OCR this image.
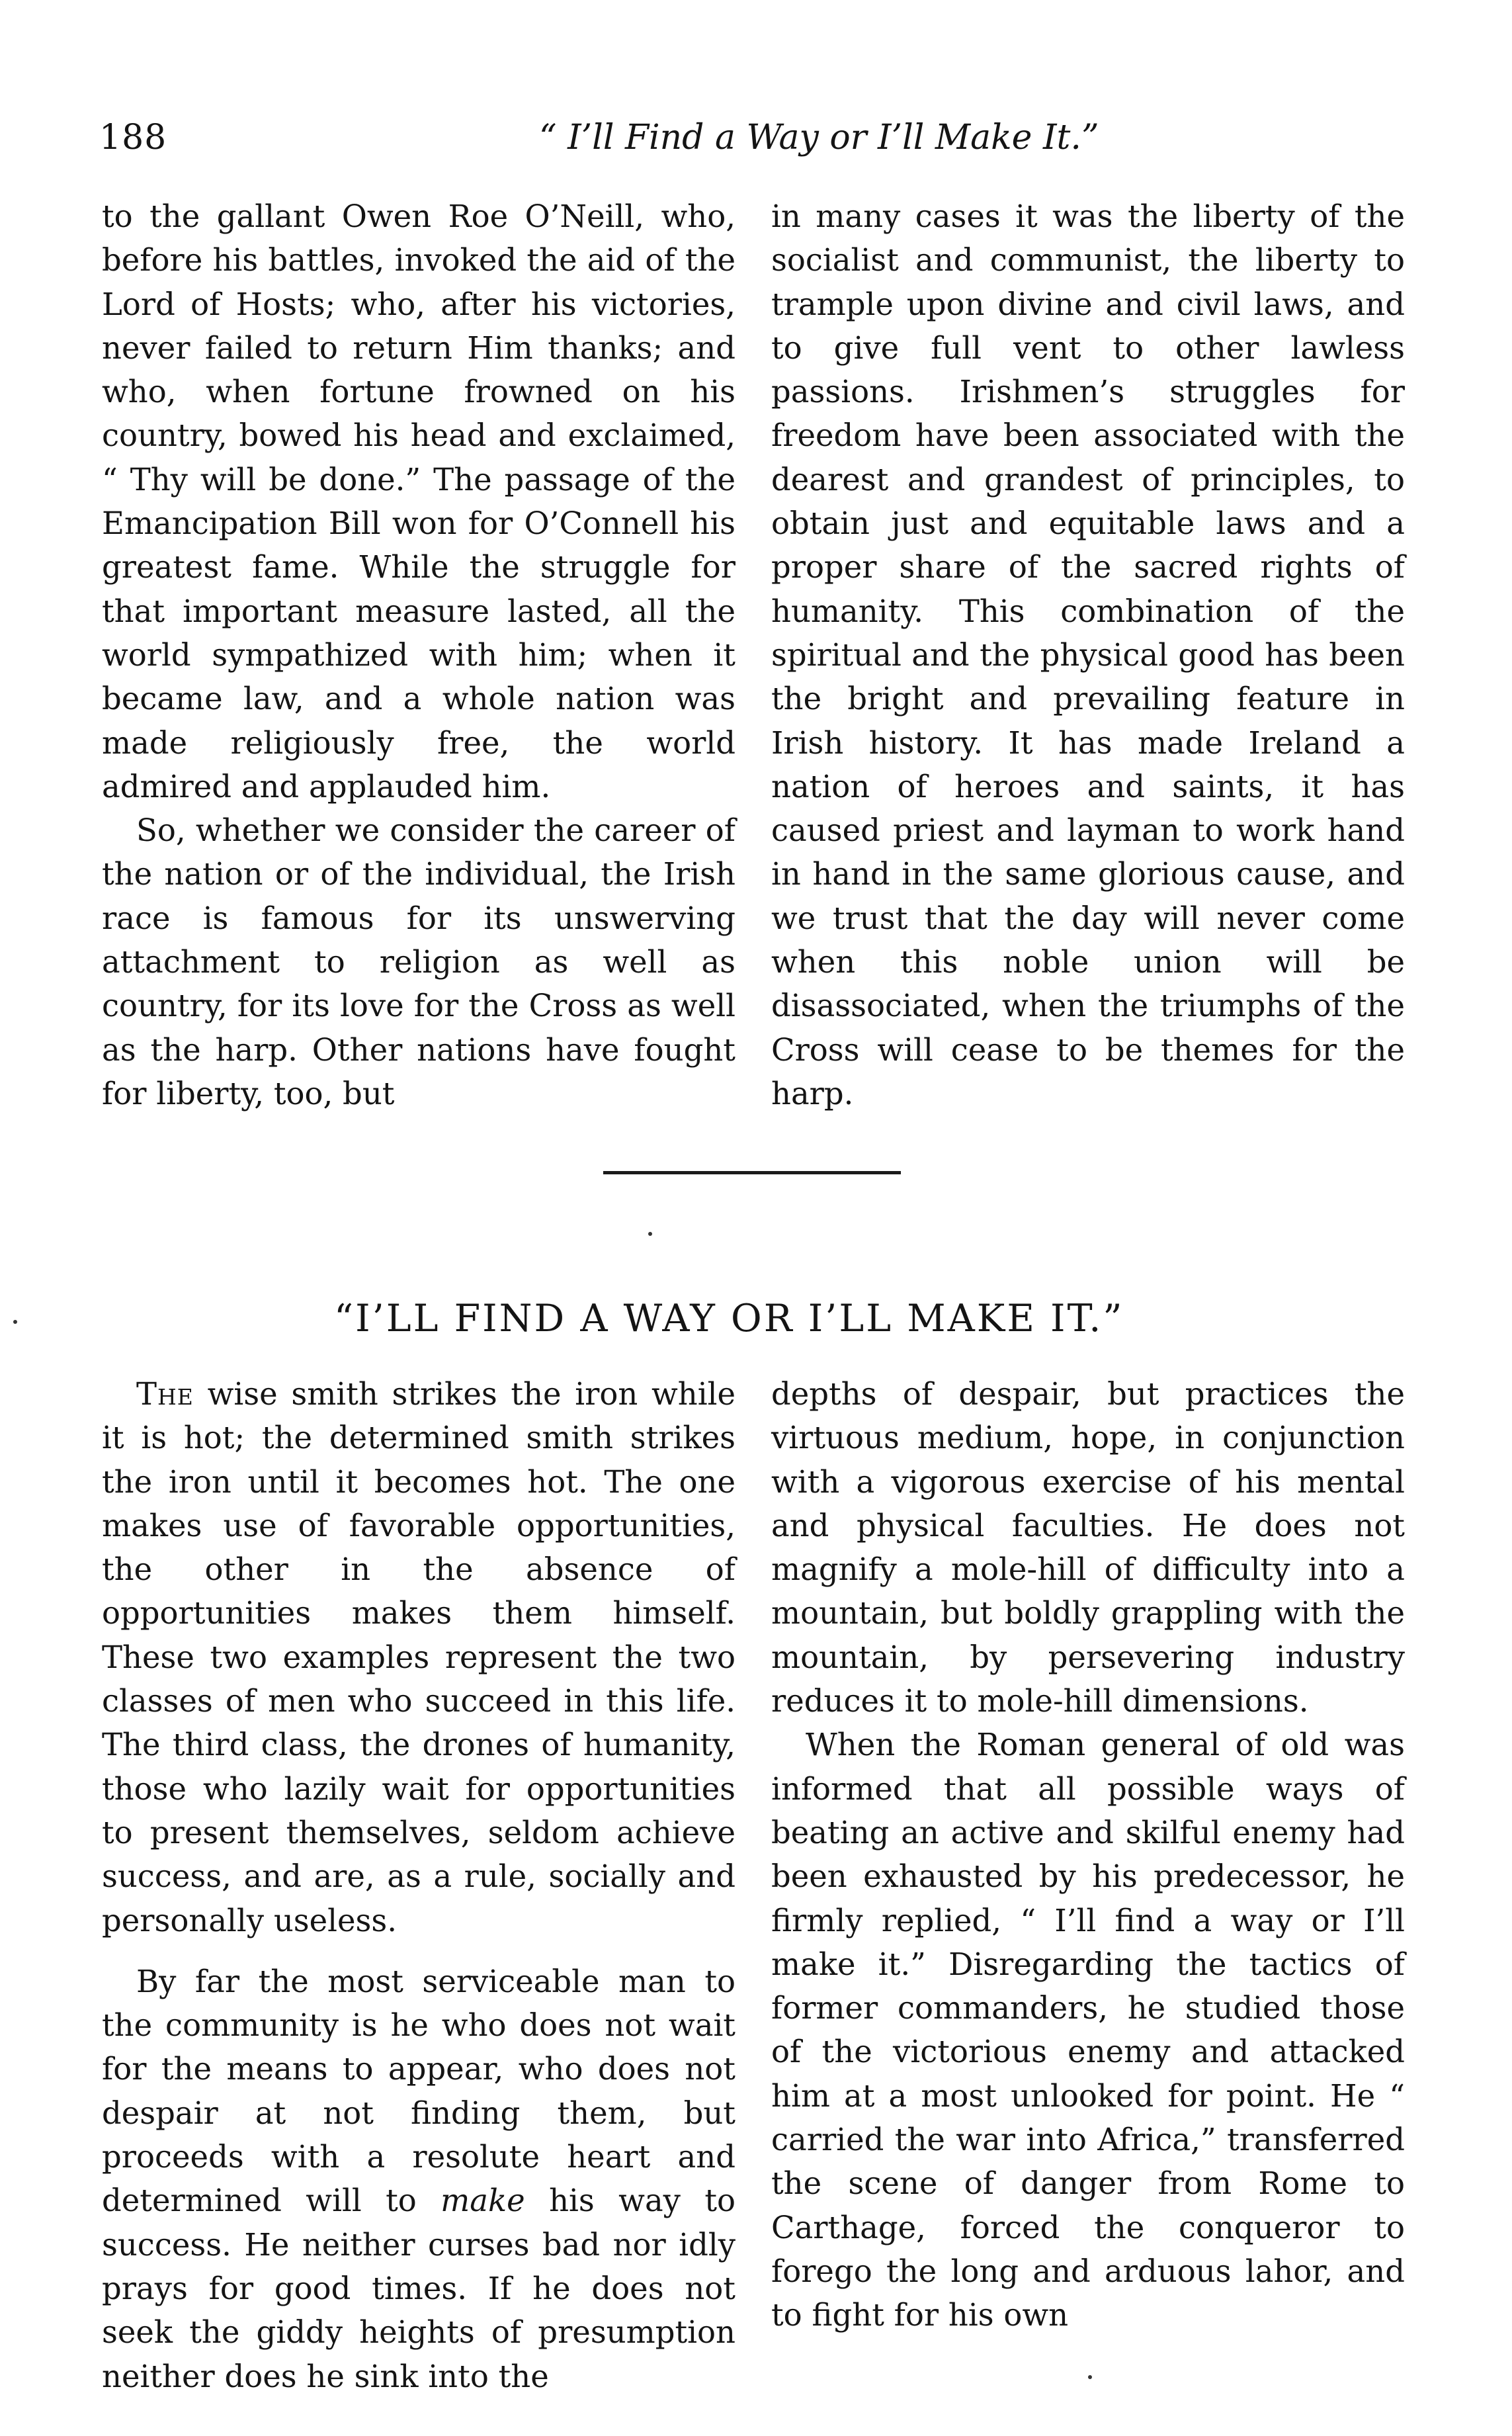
188	“ I’ll Find a Way or I’ll Make It.”

to the gallant Owen Roe O’Neill, who, before his battles, invoked the aid of the Lord of Hosts; who, after his victories, never failed to return Him thanks; and who, when fortune frowned on his country, bowed his head and exclaimed, “ Thy will be done.” The passage of the Emancipation Bill won for O’Connell his greatest fame. While the struggle for that important measure lasted, all the world sympathized with him; when it became law, and a whole nation was made religiously free, the world admired and applauded him.

So, whether we consider the career of the nation or of the individual, the Irish race is famous for its unswerving attachment to religion as well as country, for its love for the Cross as well as the harp. Other nations have fought for liberty, too, but

in many cases it was the liberty of the socialist and communist, the liberty to trample upon divine and civil laws, and to give full vent to other lawless passions. Irishmen’s struggles for freedom have been associated with the dearest and grandest of principles, to obtain just and equitable laws and a proper share of the sacred rights of humanity. This combination of the spiritual and the physical good has been the bright and prevailing feature in Irish history. It has made Ireland a nation of heroes and saints, it has caused priest and layman to work hand in hand in the same glorious cause, and we trust that the day will never come when this noble union will be disassociated, when the triumphs of the Cross will cease to be themes for the harp.

“I’LL FIND A WAY OR I’LL MAKE IT.”

The wise smith strikes the iron while it is hot; the determined smith strikes the iron until it becomes hot. The one makes use of favorable opportunities, the other in the absence of opportunities makes them himself. These two examples represent the two classes of men who succeed in this life. The third class, the drones of humanity, those who lazily wait for opportunities to present themselves, seldom achieve success, and are, as a rule, socially and personally useless.

By far the most serviceable man to the community is he who does not wait for the means to appear, who does not despair at not finding them, but proceeds with a resolute heart and determined will to make his way to success. He neither curses bad nor idly prays for good times. If he does not seek the giddy heights of presumption neither does he sink into the

depths of despair, but practices the virtuous medium, hope, in conjunction with a vigorous exercise of his mental and physical faculties. He does not magnify a mole-hill of difficulty into a mountain, but boldly grappling with the mountain, by persevering industry reduces it to mole-hill dimensions.

When the Roman general of old was informed that all possible ways of beating an active and skilful enemy had been exhausted by his predecessor, he firmly replied, “ I’ll find a way or I’ll make it.” Disregarding the tactics of former commanders, he studied those of the victorious enemy and attacked him at a most unlooked for point. He “ carried the war into Africa,” transferred the scene of danger from Rome to Carthage, forced the conqueror to forego the long and arduous lahor, and to fight for his own
